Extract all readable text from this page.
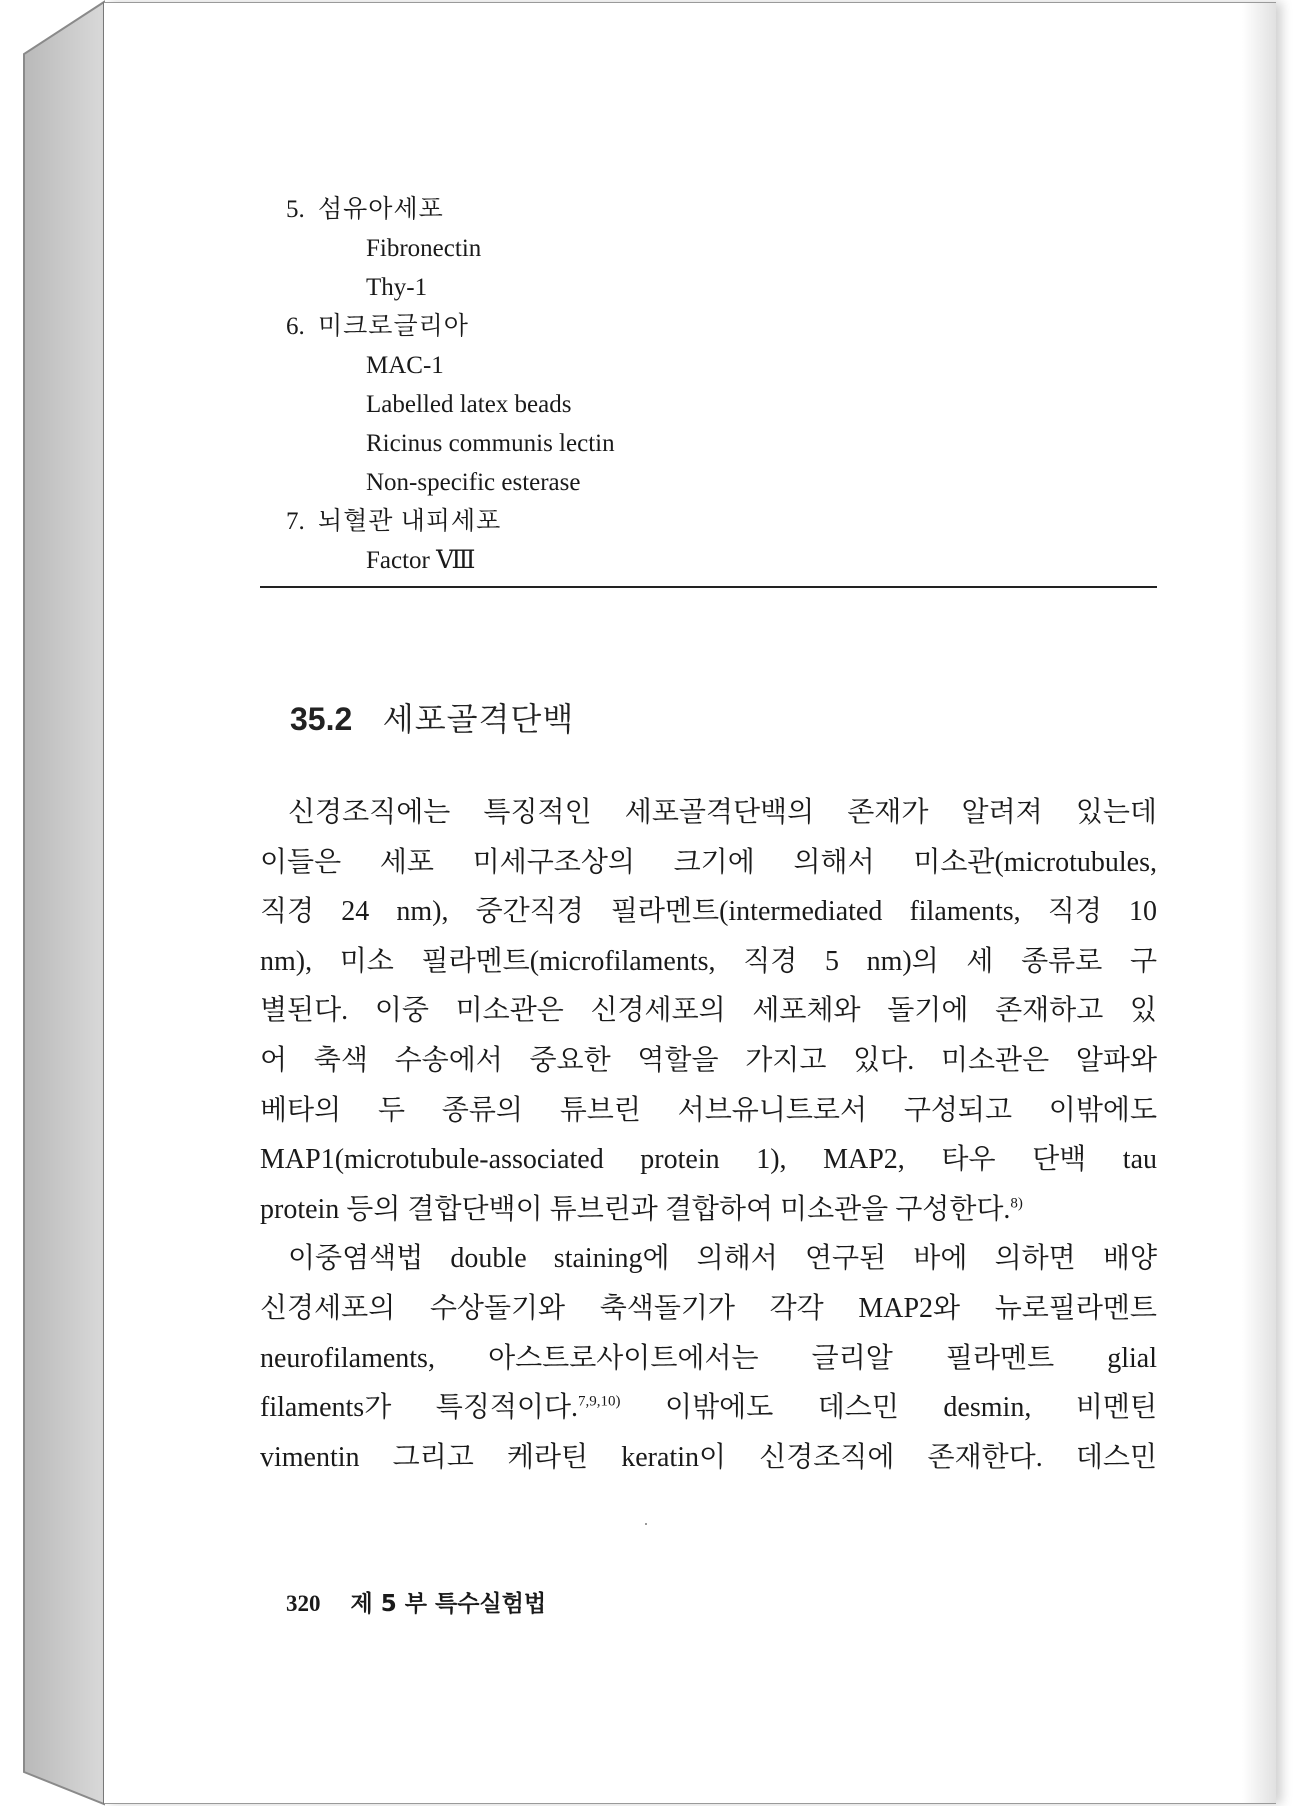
5. 섬유아세포
Fibronectin
Thy-1
6. 미크로글리아
MAC-1
Labelled latex beads
Ricinus communis lectin
Non-specific esterase
7. 뇌혈관 내피세포
Factor Ⅷ
35.2 세포골격단백
신경조직에는 특징적인 세포골격단백의 존재가 알려져 있는데
이들은 세포 미세구조상의 크기에 의해서 미소관(microtubules,
직경 24 nm), 중간직경 필라멘트(intermediated filaments, 직경 10
nm), 미소 필라멘트(microfilaments, 직경 5 nm)의 세 종류로 구
별된다. 이중 미소관은 신경세포의 세포체와 돌기에 존재하고 있
어 축색 수송에서 중요한 역할을 가지고 있다. 미소관은 알파와
베타의 두 종류의 튜브린 서브유니트로서 구성되고 이밖에도
MAP1(microtubule-associated protein 1), MAP2, 타우 단백 tau
protein 등의 결합단백이 튜브린과 결합하여 미소관을 구성한다.$^{8)}$
이중염색법 double staining에 의해서 연구된 바에 의하면 배양
신경세포의 수상돌기와 축색돌기가 각각 MAP2와 뉴로필라멘트
neurofilaments, 아스트로사이트에서는 글리알 필라멘트 glial
filaments가 특징적이다.$^{7,9,10)}$ 이밖에도 데스민 desmin, 비멘틴
vimentin 그리고 케라틴 keratin이 신경조직에 존재한다. 데스민
320 제 5 부 특수실험법
